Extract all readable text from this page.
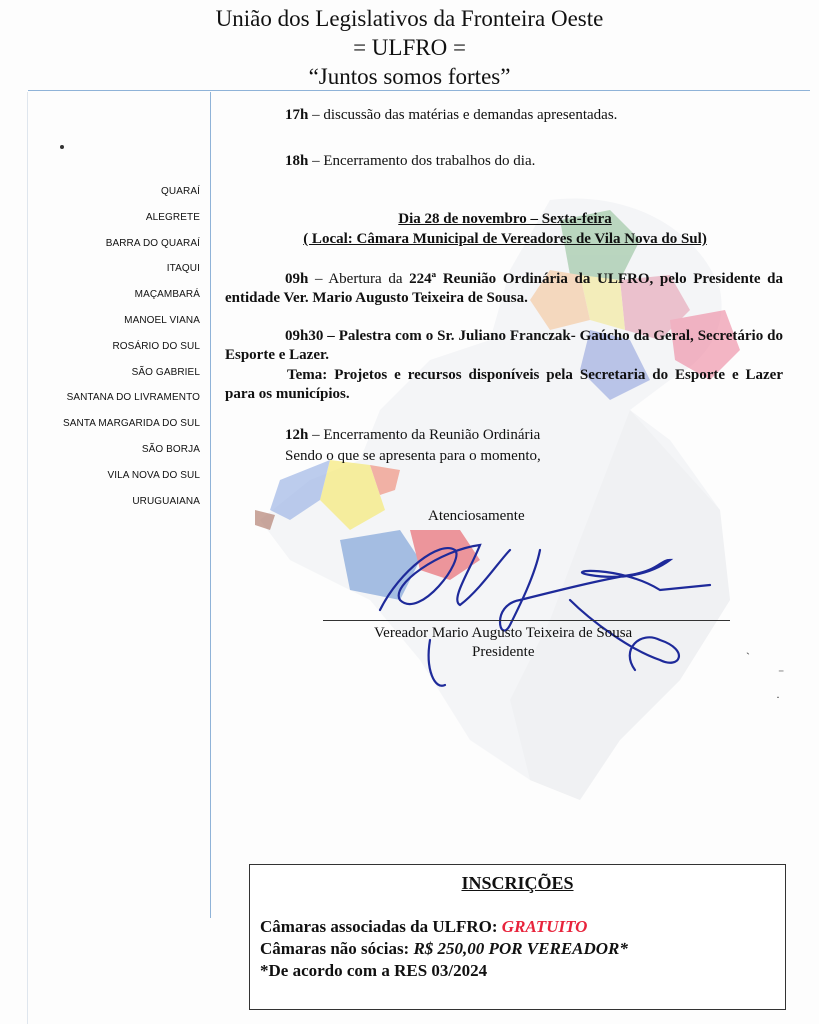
União dos Legislativos da Fronteira Oeste
= ULFRO =
“Juntos somos fortes”
QUARAÍ
ALEGRETE
BARRA DO QUARAÍ
ITAQUI
MAÇAMBARÁ
MANOEL VIANA
ROSÁRIO DO SUL
SÃO GABRIEL
SANTANA DO LIVRAMENTO
SANTA MARGARIDA DO SUL
SÃO BORJA
VILA NOVA DO SUL
URUGUAIANA
17h – discussão das matérias e demandas apresentadas.
18h – Encerramento dos trabalhos do dia.
Dia 28 de novembro – Sexta-feira
( Local: Câmara Municipal de Vereadores de Vila Nova do Sul)
09h – Abertura da 224ª Reunião Ordinária da ULFRO, pelo Presidente da entidade Ver. Mario Augusto Teixeira de Sousa.
09h30 – Palestra com o Sr. Juliano Franczak- Gaúcho da Geral, Secretário do Esporte e Lazer.
Tema: Projetos e recursos disponíveis pela Secretaria do Esporte e Lazer para os municípios.
12h – Encerramento da Reunião Ordinária
Sendo o que se apresenta para o momento,
Atenciosamente
Vereador Mario Augusto Teixeira de Sousa
Presidente	ˋ
⁻
·
INSCRIÇÕES
Câmaras associadas da ULFRO: GRATUITO
Câmaras não sócias: R$ 250,00 POR VEREADOR*
*De acordo com a RES 03/2024
